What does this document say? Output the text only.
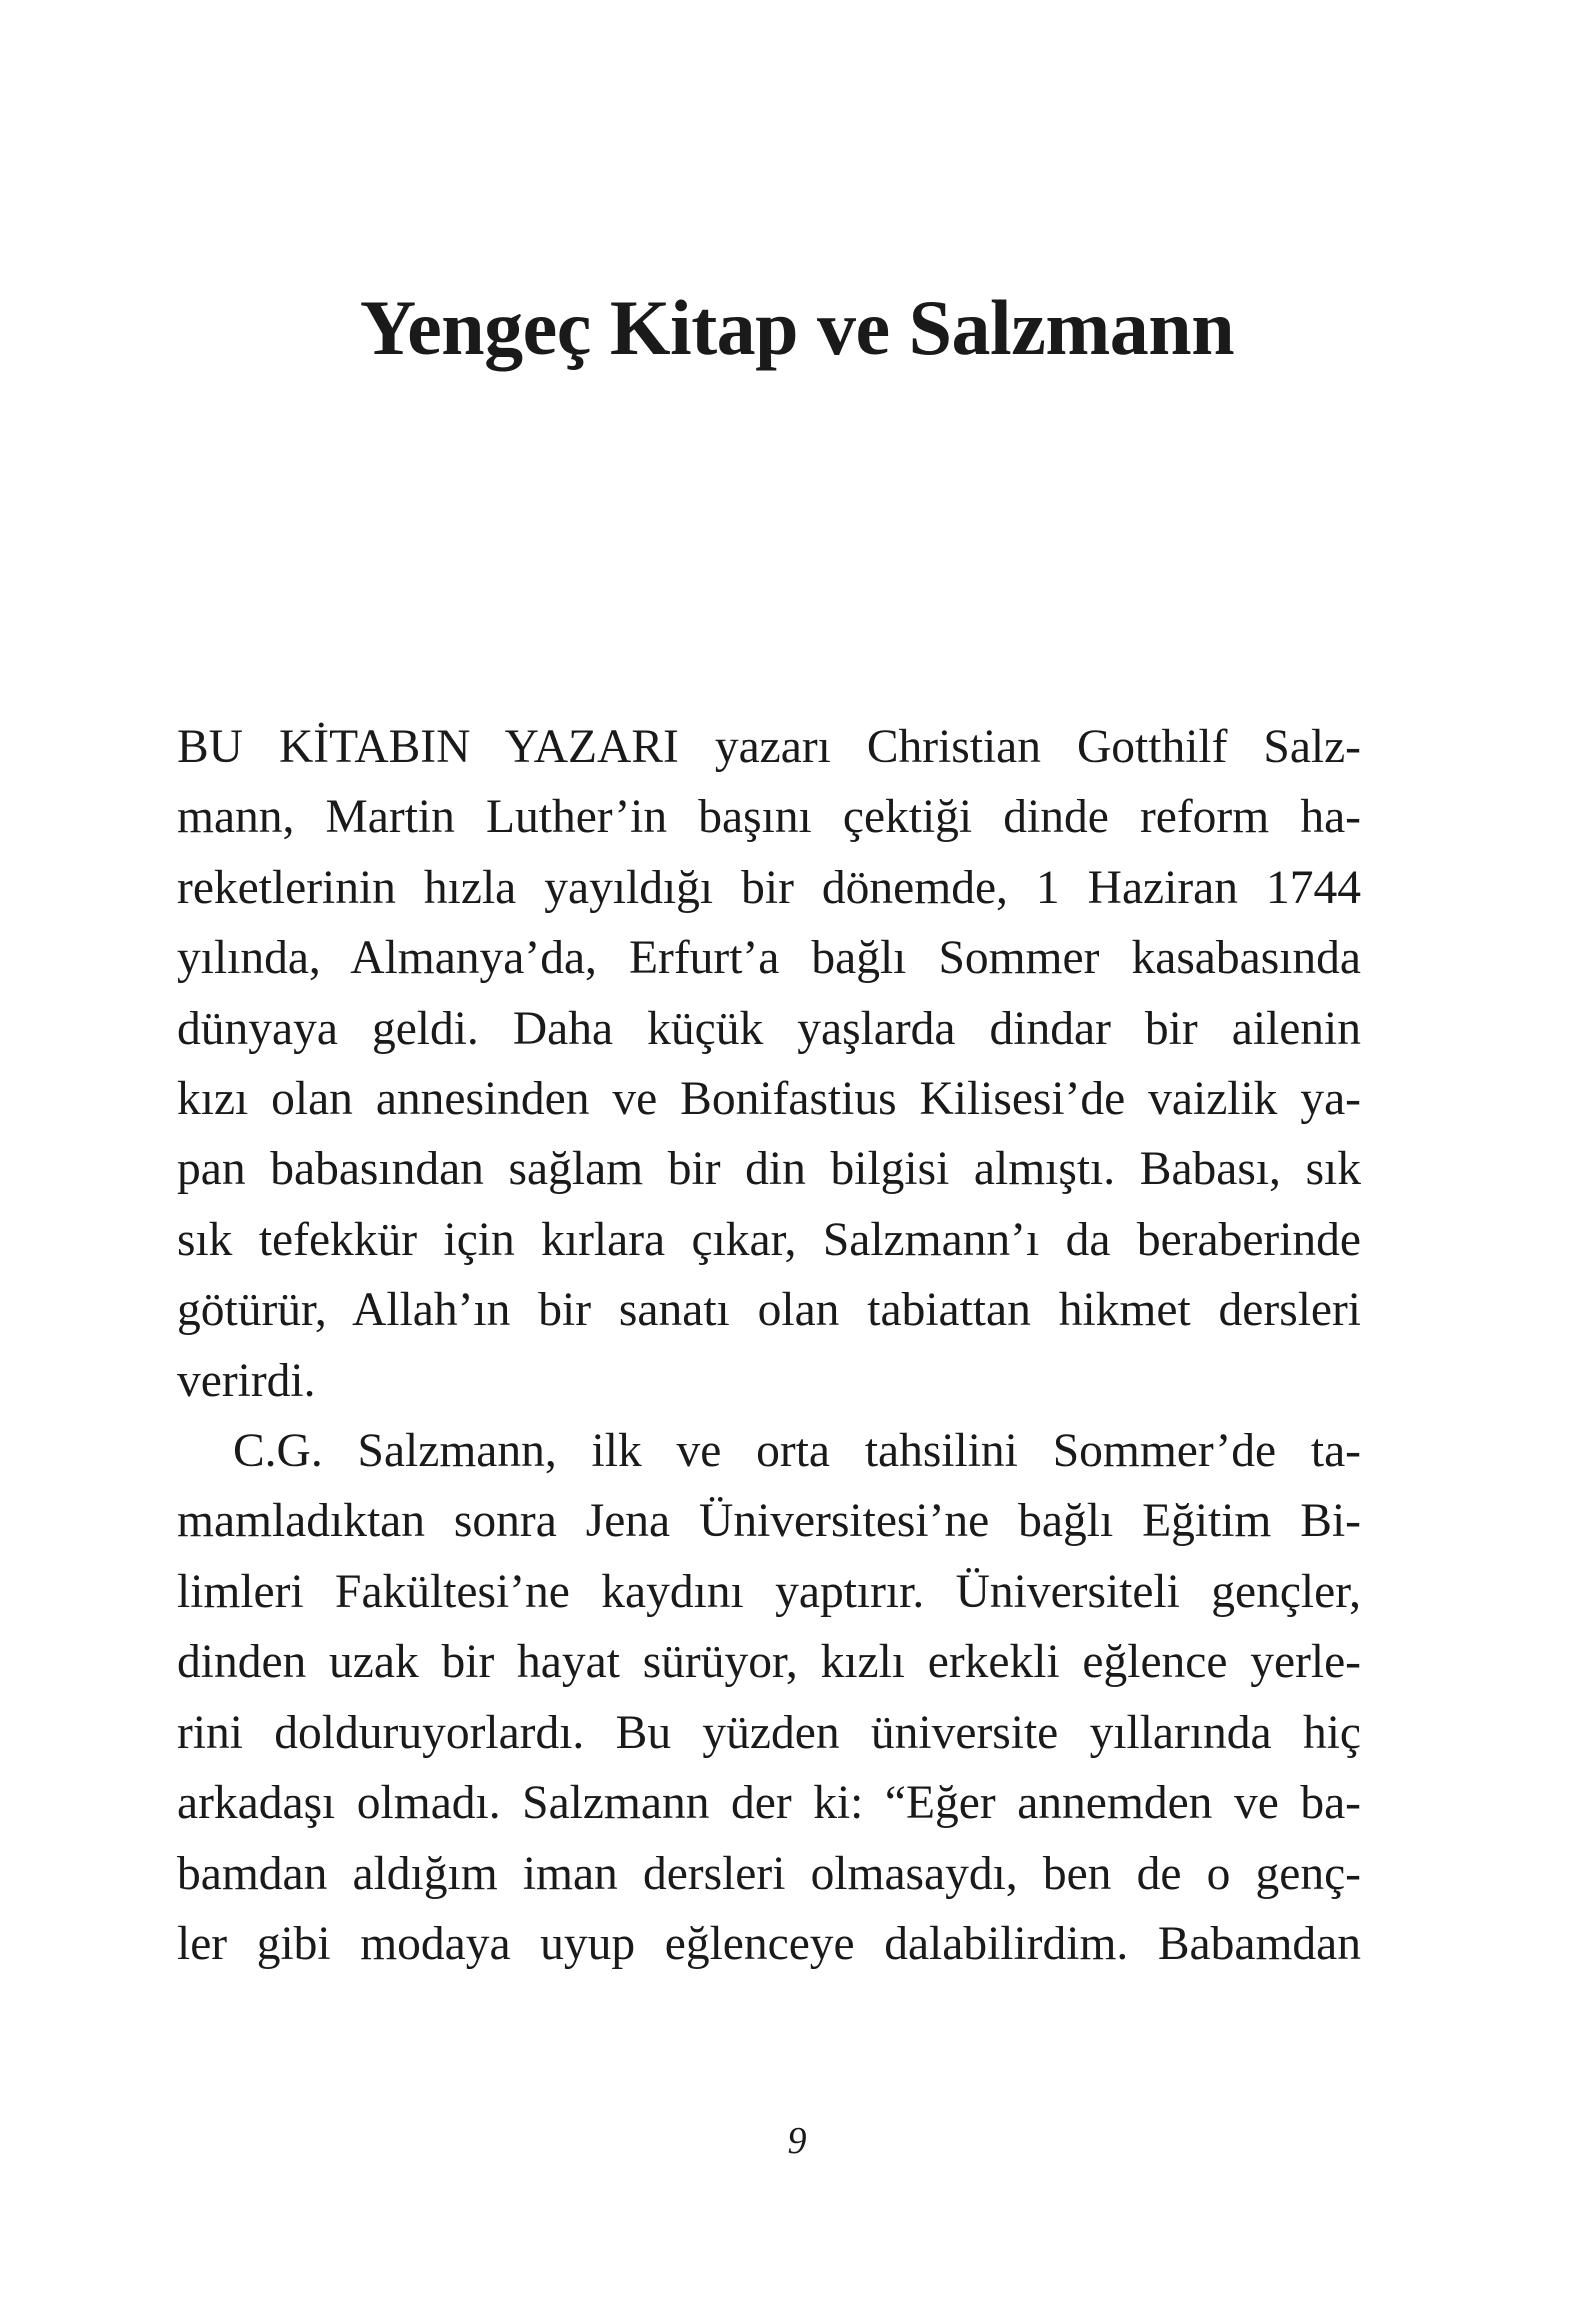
Yengeç Kitap ve Salzmann

BU KİTABIN YAZARI yazarı Christian Gotthilf Salz-
mann, Martin Luther’in başını çektiği dinde reform ha-
reketlerinin hızla yayıldığı bir dönemde, 1 Haziran 1744
yılında, Almanya’da, Erfurt’a bağlı Sommer kasabasında
dünyaya geldi. Daha küçük yaşlarda dindar bir ailenin
kızı olan annesinden ve Bonifastius Kilisesi’de vaizlik ya-
pan babasından sağlam bir din bilgisi almıştı. Babası, sık
sık tefekkür için kırlara çıkar, Salzmann’ı da beraberinde
götürür, Allah’ın bir sanatı olan tabiattan hikmet dersleri
verirdi.

C.G. Salzmann, ilk ve orta tahsilini Sommer’de ta-
mamladıktan sonra Jena Üniversitesi’ne bağlı Eğitim Bi-
limleri Fakültesi’ne kaydını yaptırır. Üniversiteli gençler,
dinden uzak bir hayat sürüyor, kızlı erkekli eğlence yerle-
rini dolduruyorlardı. Bu yüzden üniversite yıllarında hiç
arkadaşı olmadı. Salzmann der ki: “Eğer annemden ve ba-
bamdan aldığım iman dersleri olmasaydı, ben de o genç-
ler gibi modaya uyup eğlenceye dalabilirdim. Babamdan

9
